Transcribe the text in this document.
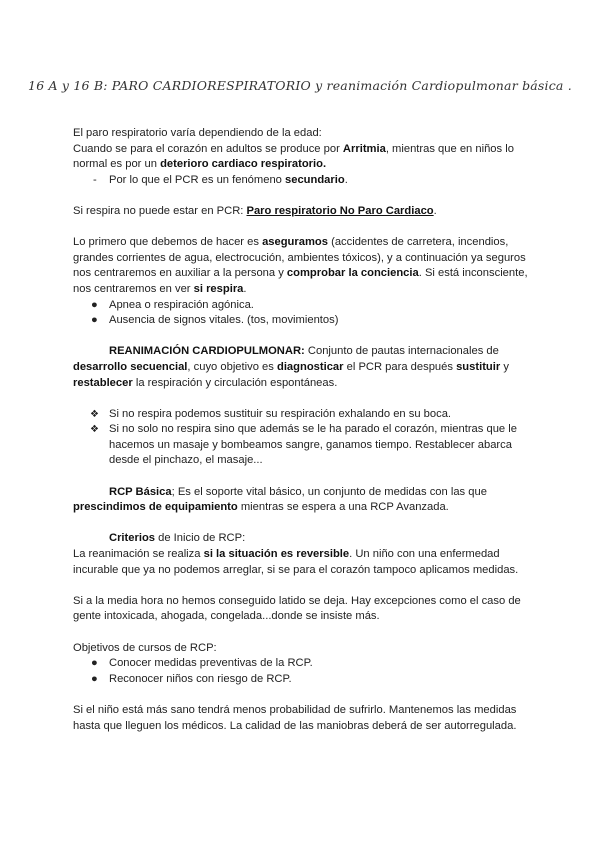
16 A y 16 B: PARO CARDIORESPIRATORIO y reanimación Cardiopulmonar básica .

El paro respiratorio varía dependiendo de la edad:

Cuando se para el corazón en adultos se produce por Arritmia, mientras que en niños lo normal es por un deterioro cardiaco respiratorio.

-	Por lo que el PCR es un fenómeno secundario.

Si respira no puede estar en PCR: Paro respiratorio No Paro Cardiaco.

Lo primero que debemos de hacer es aseguramos (accidentes de carretera, incendios, grandes corrientes de agua, electrocución, ambientes tóxicos), y a continuación ya seguros nos centraremos en auxiliar a la persona y comprobar la conciencia. Si está inconsciente, nos centraremos en ver si respira.

●	Apnea o respiración agónica.
●	Ausencia de signos vitales. (tos, movimientos)

REANIMACIÓN CARDIOPULMONAR: Conjunto de pautas internacionales de desarrollo secuencial, cuyo objetivo es diagnosticar el PCR para después sustituir y restablecer la respiración y circulación espontáneas.

❖ Si no respira podemos sustituir su respiración exhalando en su boca.
❖ Si no solo no respira sino que además se le ha parado el corazón, mientras que le hacemos un masaje y bombeamos sangre, ganamos tiempo. Restablecer abarca desde el pinchazo, el masaje...

RCP Básica; Es el soporte vital básico, un conjunto de medidas con las que prescindimos de equipamiento mientras se espera a una RCP Avanzada.

Criterios de Inicio de RCP:

La reanimación se realiza si la situación es reversible. Un niño con una enfermedad incurable que ya no podemos arreglar, si se para el corazón tampoco aplicamos medidas.

Si a la media hora no hemos conseguido latido se deja. Hay excepciones como el caso de gente intoxicada, ahogada, congelada...donde se insiste más.

Objetivos de cursos de RCP:

●	Conocer medidas preventivas de la RCP.
●	Reconocer niños con riesgo de RCP.

Si el niño está más sano tendrá menos probabilidad de sufrirlo. Mantenemos las medidas hasta que lleguen los médicos. La calidad de las maniobras deberá de ser autorregulada.
